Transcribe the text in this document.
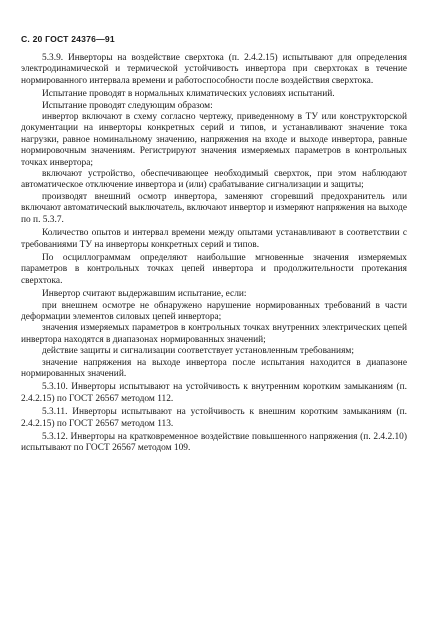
С. 20 ГОСТ 24376—91

5.3.9. Инверторы на воздействие сверхтока (п. 2.4.2.15) испытывают для определения электродинамической и термической устойчивость инвертора при сверхтоках в течение нормированного интервала времени и работоспособности после воздействия сверхтока.

Испытание проводят в нормальных климатических условиях испытаний.

Испытание проводят следующим образом:

инвертор включают в схему согласно чертежу, приведенному в ТУ или конструкторской документации на инверторы конкретных серий и типов, и устанавливают значение тока нагрузки, равное номинальному значению, напряжения на входе и выходе инвертора, равные нормировочным значениям. Регистрируют значения измеряемых параметров в контрольных точках инвертора;

включают устройство, обеспечивающее необходимый сверхток, при этом наблюдают автоматическое отключение инвертора и (или) срабатывание сигнализации и защиты;

производят внешний осмотр инвертора, заменяют сгоревший предохранитель или включают автоматический выключатель, включают инвертор и измеряют напряжения на выходе по п. 5.3.7.

Количество опытов и интервал времени между опытами устанавливают в соответствии с требованиями ТУ на инверторы конкретных серий и типов.

По осциллограммам определяют наибольшие мгновенные значения измеряемых параметров в контрольных точках цепей инвертора и продолжительности протекания сверхтока.

Инвертор считают выдержавшим испытание, если:

при внешнем осмотре не обнаружено нарушение нормированных требований в части деформации элементов силовых цепей инвертора;

значения измеряемых параметров в контрольных точках внутренних электрических цепей инвертора находятся в диапазонах нормированных значений;

действие защиты и сигнализации соответствует установленным требованиям;

значение напряжения на выходе инвертора после испытания находится в диапазоне нормированных значений.

5.3.10. Инверторы испытывают на устойчивость к внутренним коротким замыканиям (п. 2.4.2.15) по ГОСТ 26567 методом 112.

5.3.11. Инверторы испытывают на устойчивость к внешним коротким замыканиям (п. 2.4.2.15) по ГОСТ 26567 методом 113.

5.3.12. Инверторы на кратковременное воздействие повышенного напряжения (п. 2.4.2.10) испытывают по ГОСТ 26567 методом 109.
